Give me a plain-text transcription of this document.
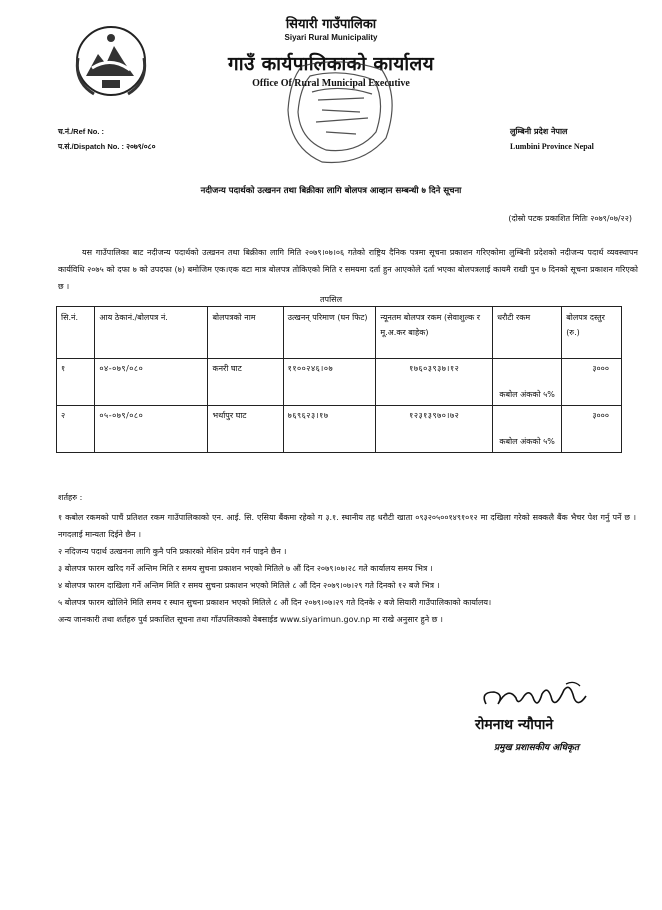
सियारी गाउँपालिका
Siyari Rural Municipality
गाउँ कार्यपालिकाको कार्यालय
Office Of Rural Municipal Executive
च.नं./Ref No. :
प.सं./Dispatch No. : २०७९/०८०
लुम्बिनी प्रदेश नेपाल
Lumbini Province Nepal
नदीजन्य पदार्थको उत्खनन तथा बिक्रीका लागि बोलपत्र आव्हान सम्बन्धी ७ दिने सूचना
(दोस्रो पटक प्रकाशित मितिः २०७९/०७/२२)
यस गाउँपालिका बाट नदीजन्य पदार्थको उत्खनन तथा बिक्रीका लागि मिति २०७९।०७।०६ गतेको राष्ट्रिय दैनिक पत्रमा सूचना प्रकाशन गरिएकोमा लुम्बिनी प्रदेशको नदीजन्य पदार्थ व्यवस्थापन कार्यविधि २०७५ को दफा ७ को उपदफा (७) बमोजिम एक।एक वटा मात्र बोलपत्र तोकिएको मिति र समयमा दर्ता हुन आएकोले दर्ता भएका बोलपत्रलाई कायमै राखी पुन ७ दिनको सूचना प्रकाशन गरिएको छ ।
तपसिल
सि.नं.	आय ठेकानं./बोलपत्र नं.	बोलपत्रको नाम	उत्खनन् परिमाण (घन फिट)	न्यूनतम बोलपत्र रकम (सेवाशुल्क र मू.अ.कर बाहेक)	धरौटी रकम	बोलपत्र दस्तुर (रु.)
१	०४-०७९/०८०	कनरी घाट	११००२४६।०७	१७६०३९३७।१२	कबोल अंकको ५%	३०००
२	०५-०७९/०८०	भर्थापुर घाट	७६९६२३।१७	१२३१३९७०।७२	कबोल अंकको ५%	३०००
शर्तहरु :
१ कबोल रकमको पाचैं प्रतिशत रकम गाउँपालिकाको एन. आई. सि. एसिया बैंकमा रहेको ग ३.१. स्थानीय तह धरौटी खाता ०९३२०५००१४९१०१२ मा दखिला गरेको सक्कलै बैंक भैचर पेश गर्नु पर्ने छ । नगदलाई मान्यता दिईने छैन ।
२ नदिजन्य पदार्थ उत्खनना लागि कुनै पनि प्रकारको मेशिन प्रयेग गर्न पाइने छैन ।
३ बोलपत्र फारम खरिद गर्ने अन्तिम मिति र समय सुचना प्रकाशन भएको मितिले ७ औं दिन २०७९।०७।२८ गते कार्यालय समय भित्र ।
४ बोलपत्र फारम दाखिला गर्ने अन्तिम मिति र समय सुचना प्रकाशन भएको मितिले ८ औं दिन २०७९।०७।२९ गते दिनको १२ बजे भित्र ।
५ बोलपत्र फारम खोलिने मिति समय र स्थान सुचना प्रकाशन भएको मितिले ८ औं दिन २०७९।०७।२९ गते दिनके २ बजे सियारी गाउँपालिकाको कार्यालय।
अन्य जानकारी तथा शर्तहरु पुर्व प्रकाशित सूचना तथा गाँउपलिकाको वेबसाईड www.siyarimun.gov.np मा राखे अनुसार हुने छ ।
रोमनाथ न्यौपाने
प्रमुख प्रशासकीय अधिकृत
